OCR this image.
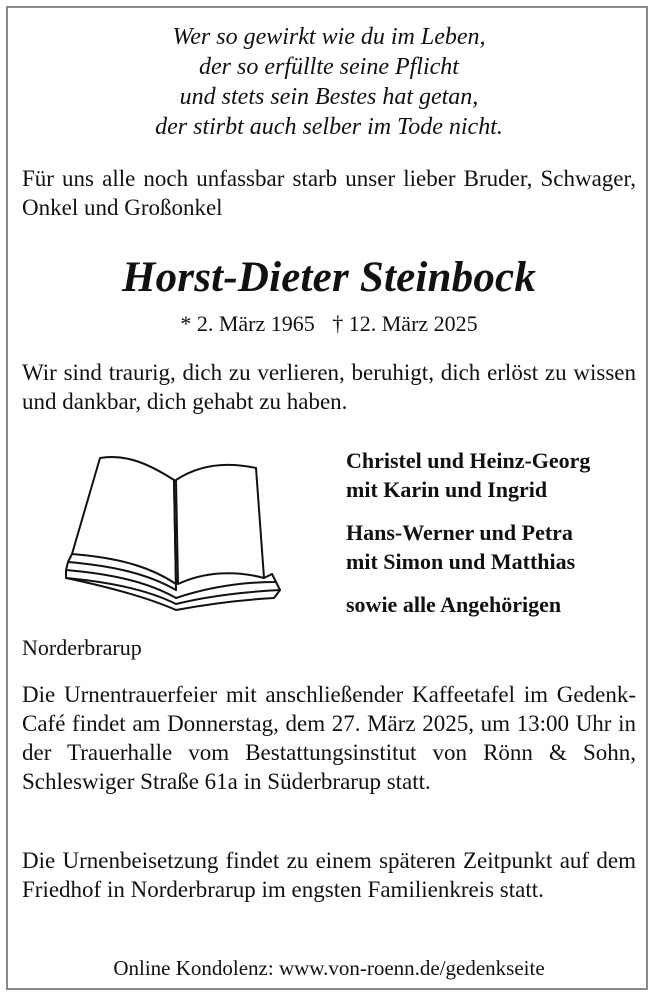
Wer so gewirkt wie du im Leben,
der so erfüllte seine Pflicht
und stets sein Bestes hat getan,
der stirbt auch selber im Tode nicht.
Für uns alle noch unfassbar starb unser lieber Bruder, Schwager, Onkel und Großonkel
Horst-Dieter Steinbock
* 2. März 1965 † 12. März 2025
Wir sind traurig, dich zu verlieren, beruhigt, dich erlöst zu wissen und dankbar, dich gehabt zu haben.
Christel und Heinz-Georg
mit Karin und Ingrid
Hans-Werner und Petra
mit Simon und Matthias
sowie alle Angehörigen
Norderbrarup
Die Urnentrauerfeier mit anschließender Kaffeetafel im Gedenk-Café findet am Donnerstag, dem 27. März 2025, um 13:00 Uhr in der Trauerhalle vom Bestattungsinstitut von Rönn & Sohn, Schleswiger Straße 61a in Süderbrarup statt.
Die Urnenbeisetzung findet zu einem späteren Zeitpunkt auf dem Friedhof in Norderbrarup im engsten Familienkreis statt.
Online Kondolenz: www.von-roenn.de/gedenkseite
